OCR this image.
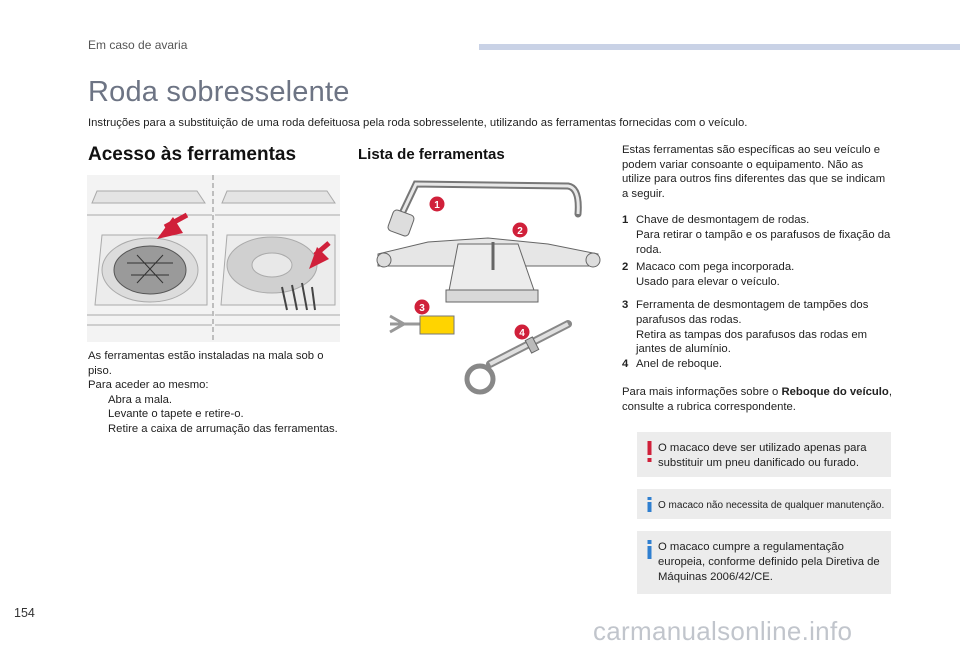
Em caso de avaria
Roda sobresselente
Instruções para a substituição de uma roda defeituosa pela roda sobresselente, utilizando as ferramentas fornecidas com o veículo.
Acesso às ferramentas	Lista de ferramentas
As ferramentas estão instaladas na mala sob o piso.
Para aceder ao mesmo:
Abra a mala.
Levante o tapete e retire-o.
Retire a caixa de arrumação das ferramentas.
1
2
3
4
Estas ferramentas são específicas ao seu veículo e podem variar consoante o equipamento. Não as utilize para outros fins diferentes das que se indicam a seguir.
1 Chave de desmontagem de rodas.
Para retirar o tampão e os parafusos de fixação da roda.
2 Macaco com pega incorporada.
Usado para elevar o veículo.
3 Ferramenta de desmontagem de tampões dos parafusos das rodas.
Retira as tampas dos parafusos das rodas em jantes de alumínio.
4 Anel de reboque.
Para mais informações sobre o Reboque do veículo, consulte a rubrica correspondente.
O macaco deve ser utilizado apenas para substituir um pneu danificado ou furado.
O macaco não necessita de qualquer manutenção.
O macaco cumpre a regulamentação europeia, conforme definido pela Diretiva de Máquinas 2006/42/CE.
154
carmanualsonline.info
